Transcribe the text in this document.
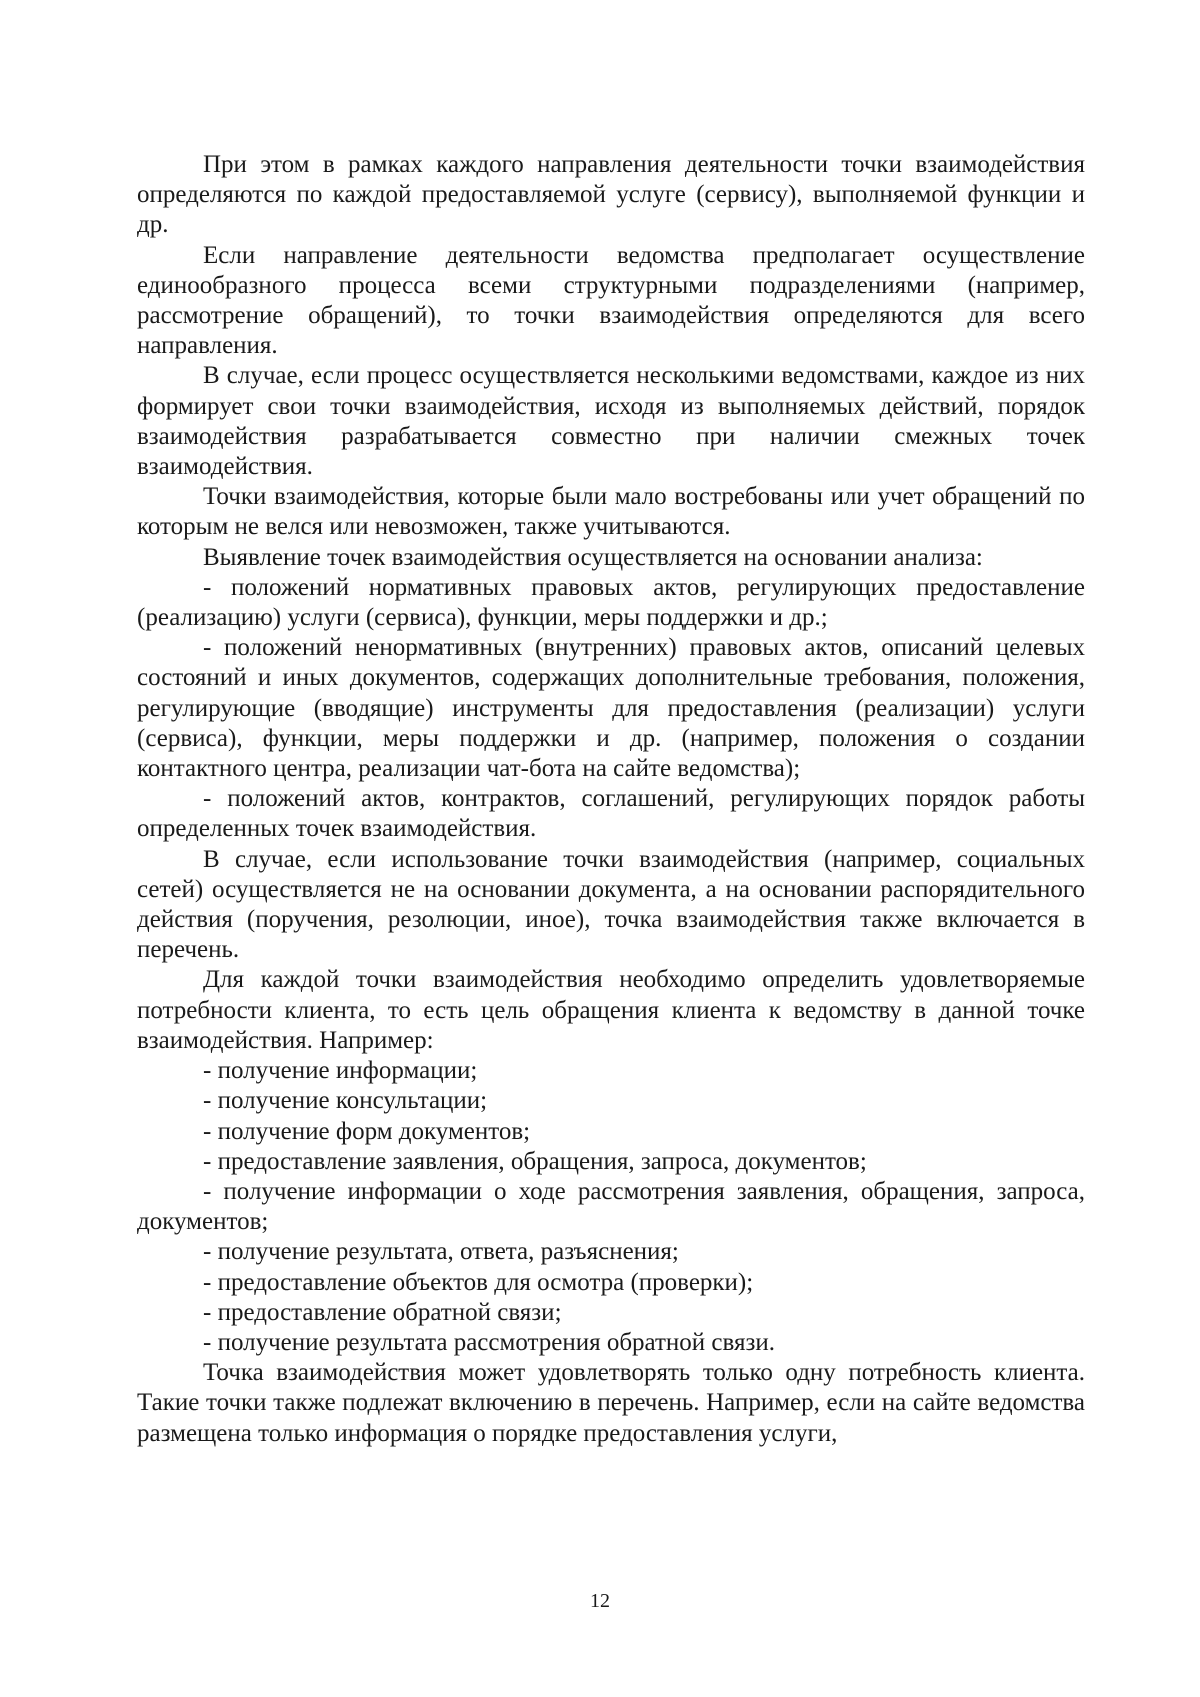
При этом в рамках каждого направления деятельности точки взаимодействия определяются по каждой предоставляемой услуге (сервису), выполняемой функции и др.

Если направление деятельности ведомства предполагает осуществление единообразного процесса всеми структурными подразделениями (например, рассмотрение обращений), то точки взаимодействия определяются для всего направления.

В случае, если процесс осуществляется несколькими ведомствами, каждое из них формирует свои точки взаимодействия, исходя из выполняемых действий, порядок взаимодействия разрабатывается совместно при наличии смежных точек взаимодействия.

Точки взаимодействия, которые были мало востребованы или учет обращений по которым не велся или невозможен, также учитываются.

Выявление точек взаимодействия осуществляется на основании анализа:

- положений нормативных правовых актов, регулирующих предоставление (реализацию) услуги (сервиса), функции, меры поддержки и др.;

- положений ненормативных (внутренних) правовых актов, описаний целевых состояний и иных документов, содержащих дополнительные требования, положения, регулирующие (вводящие) инструменты для предоставления (реализации) услуги (сервиса), функции, меры поддержки и др. (например, положения о создании контактного центра, реализации чат-бота на сайте ведомства);

- положений актов, контрактов, соглашений, регулирующих порядок работы определенных точек взаимодействия.

В случае, если использование точки взаимодействия (например, социальных сетей) осуществляется не на основании документа, а на основании распорядительного действия (поручения, резолюции, иное), точка взаимодействия также включается в перечень.

Для каждой точки взаимодействия необходимо определить удовлетворяемые потребности клиента, то есть цель обращения клиента к ведомству в данной точке взаимодействия. Например:

- получение информации;

- получение консультации;

- получение форм документов;

- предоставление заявления, обращения, запроса, документов;

- получение информации о ходе рассмотрения заявления, обращения, запроса, документов;

- получение результата, ответа, разъяснения;

- предоставление объектов для осмотра (проверки);

- предоставление обратной связи;

- получение результата рассмотрения обратной связи.

Точка взаимодействия может удовлетворять только одну потребность клиента. Такие точки также подлежат включению в перечень. Например, если на сайте ведомства размещена только информация о порядке предоставления услуги,

12
